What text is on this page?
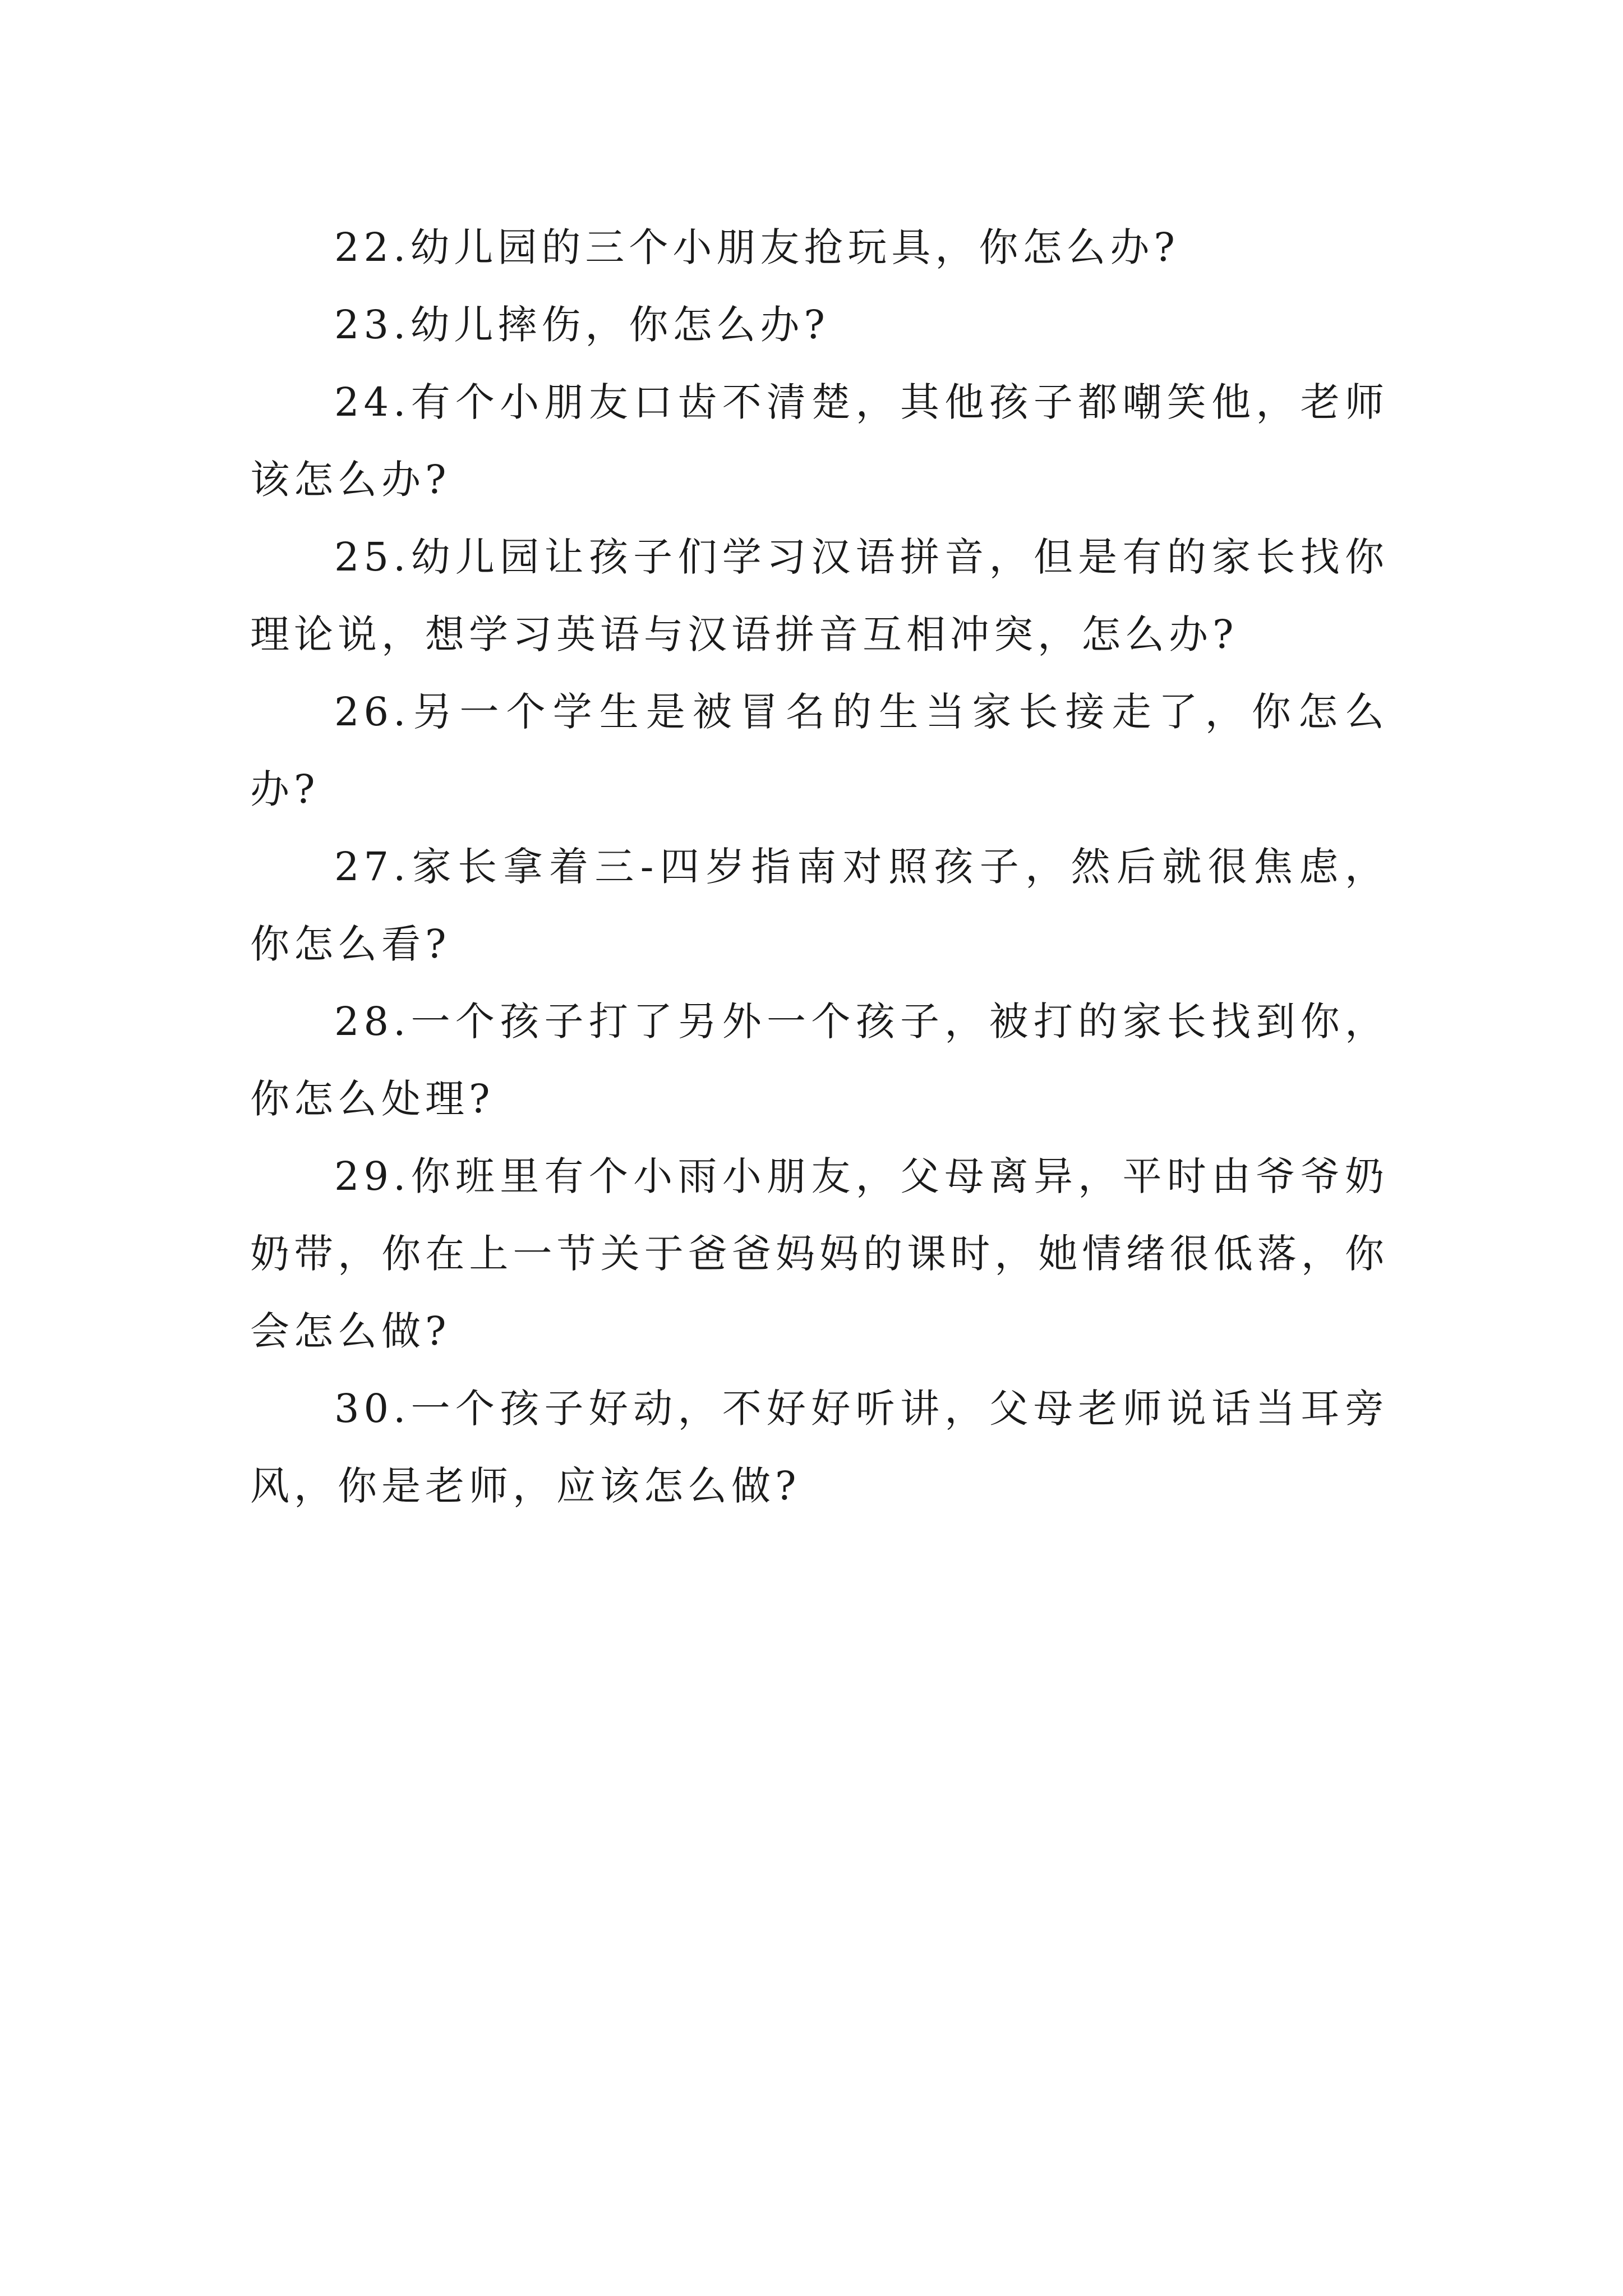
22.幼儿园的三个小朋友抢玩具，你怎么办?

23.幼儿摔伤，你怎么办?

24.有个小朋友口齿不清楚，其他孩子都嘲笑他，老师该怎么办?

25.幼儿园让孩子们学习汉语拼音，但是有的家长找你理论说，想学习英语与汉语拼音互相冲突，怎么办?

26.另一个学生是被冒名的生当家长接走了，你怎么办?

27.家长拿着三-四岁指南对照孩子，然后就很焦虑，你怎么看?

28.一个孩子打了另外一个孩子，被打的家长找到你，你怎么处理?

29.你班里有个小雨小朋友，父母离异，平时由爷爷奶奶带，你在上一节关于爸爸妈妈的课时，她情绪很低落，你会怎么做?

30.一个孩子好动，不好好听讲，父母老师说话当耳旁风，你是老师，应该怎么做?
